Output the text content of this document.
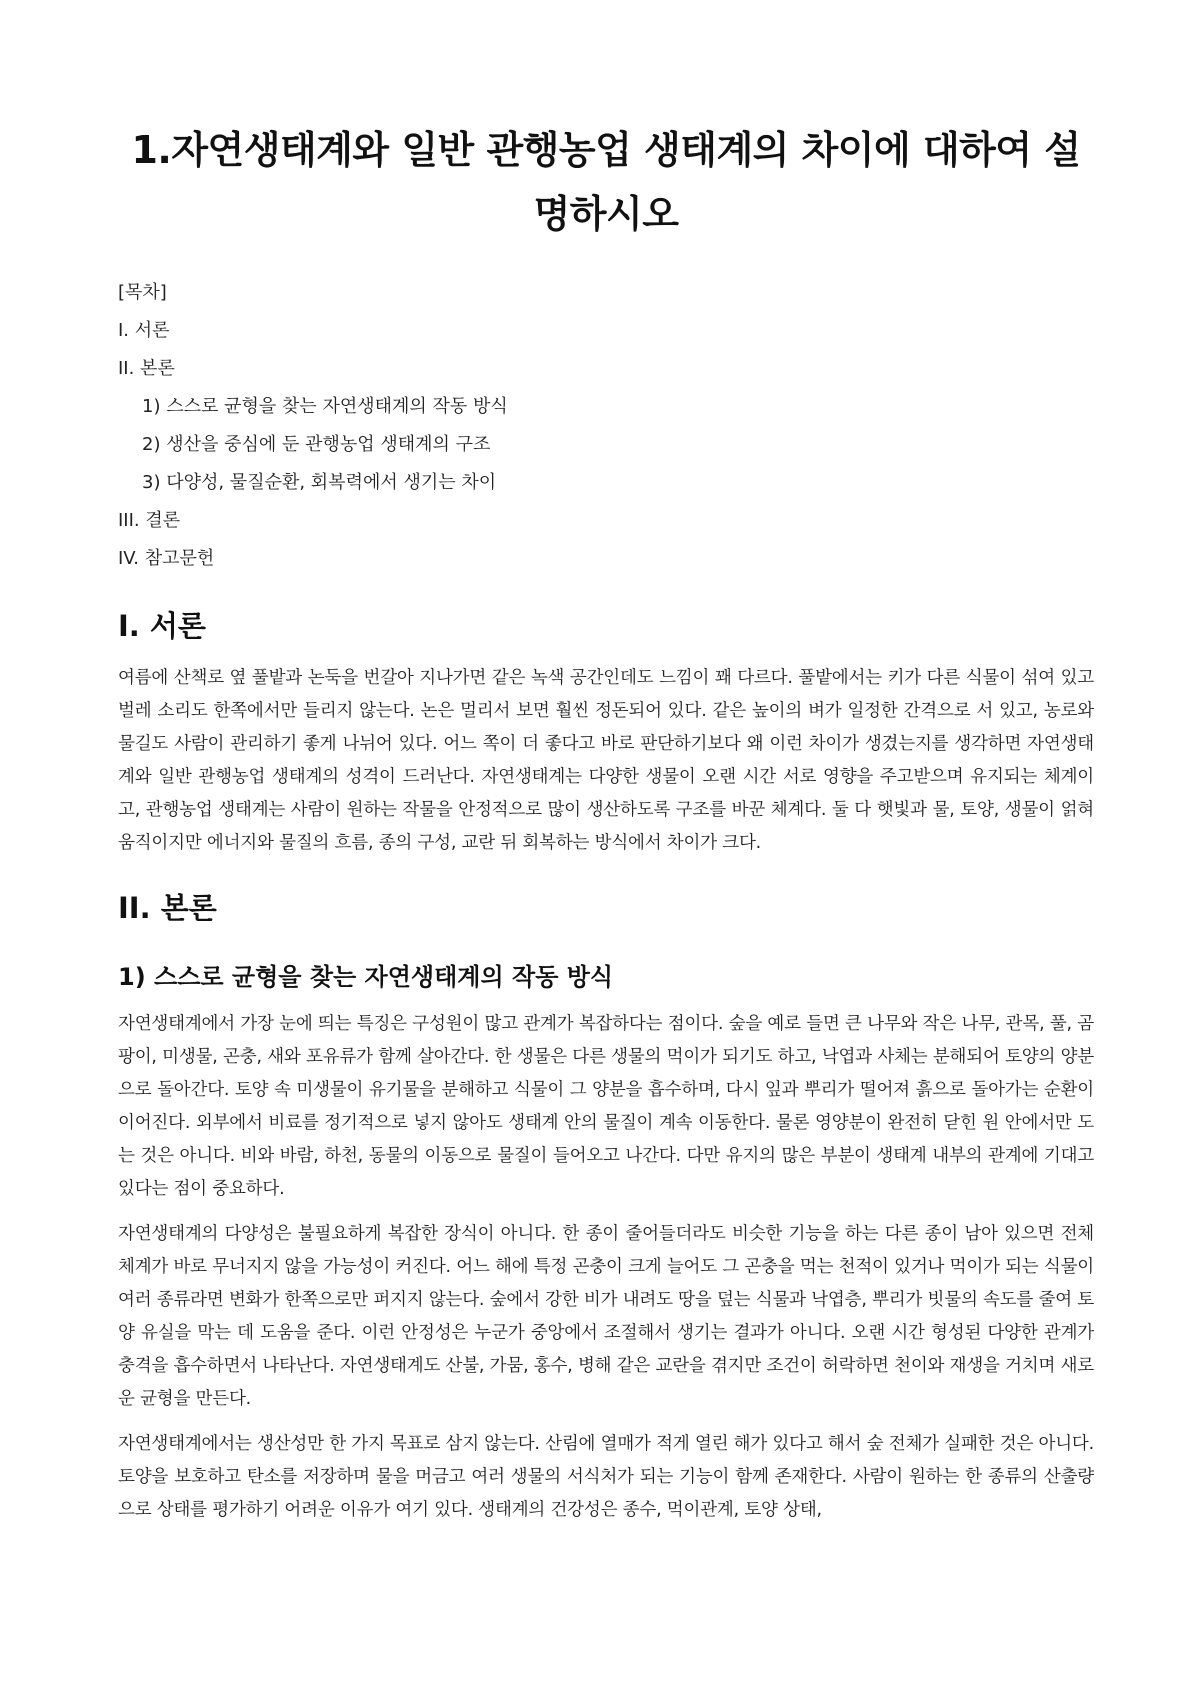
1.자연생태계와 일반 관행농업 생태계의 차이에 대하여 설명하시오
[목차]
I. 서론
II. 본론
1) 스스로 균형을 찾는 자연생태계의 작동 방식
2) 생산을 중심에 둔 관행농업 생태계의 구조
3) 다양성, 물질순환, 회복력에서 생기는 차이
III. 결론
IV. 참고문헌
I. 서론

여름에 산책로 옆 풀밭과 논둑을 번갈아 지나가면 같은 녹색 공간인데도 느낌이 꽤 다르다. 풀밭에서는 키가 다른 식물이 섞여 있고 벌레 소리도 한쪽에서만 들리지 않는다. 논은 멀리서 보면 훨씬 정돈되어 있다. 같은 높이의 벼가 일정한 간격으로 서 있고, 농로와 물길도 사람이 관리하기 좋게 나뉘어 있다. 어느 쪽이 더 좋다고 바로 판단하기보다 왜 이런 차이가 생겼는지를 생각하면 자연생태계와 일반 관행농업 생태계의 성격이 드러난다. 자연생태계는 다양한 생물이 오랜 시간 서로 영향을 주고받으며 유지되는 체계이고, 관행농업 생태계는 사람이 원하는 작물을 안정적으로 많이 생산하도록 구조를 바꾼 체계다. 둘 다 햇빛과 물, 토양, 생물이 얽혀 움직이지만 에너지와 물질의 흐름, 종의 구성, 교란 뒤 회복하는 방식에서 차이가 크다.

II. 본론
1) 스스로 균형을 찾는 자연생태계의 작동 방식

자연생태계에서 가장 눈에 띄는 특징은 구성원이 많고 관계가 복잡하다는 점이다. 숲을 예로 들면 큰 나무와 작은 나무, 관목, 풀, 곰팡이, 미생물, 곤충, 새와 포유류가 함께 살아간다. 한 생물은 다른 생물의 먹이가 되기도 하고, 낙엽과 사체는 분해되어 토양의 양분으로 돌아간다. 토양 속 미생물이 유기물을 분해하고 식물이 그 양분을 흡수하며, 다시 잎과 뿌리가 떨어져 흙으로 돌아가는 순환이 이어진다. 외부에서 비료를 정기적으로 넣지 않아도 생태계 안의 물질이 계속 이동한다. 물론 영양분이 완전히 닫힌 원 안에서만 도는 것은 아니다. 비와 바람, 하천, 동물의 이동으로 물질이 들어오고 나간다. 다만 유지의 많은 부분이 생태계 내부의 관계에 기대고 있다는 점이 중요하다.

자연생태계의 다양성은 불필요하게 복잡한 장식이 아니다. 한 종이 줄어들더라도 비슷한 기능을 하는 다른 종이 남아 있으면 전체 체계가 바로 무너지지 않을 가능성이 커진다. 어느 해에 특정 곤충이 크게 늘어도 그 곤충을 먹는 천적이 있거나 먹이가 되는 식물이 여러 종류라면 변화가 한쪽으로만 퍼지지 않는다. 숲에서 강한 비가 내려도 땅을 덮는 식물과 낙엽층, 뿌리가 빗물의 속도를 줄여 토양 유실을 막는 데 도움을 준다. 이런 안정성은 누군가 중앙에서 조절해서 생기는 결과가 아니다. 오랜 시간 형성된 다양한 관계가 충격을 흡수하면서 나타난다. 자연생태계도 산불, 가뭄, 홍수, 병해 같은 교란을 겪지만 조건이 허락하면 천이와 재생을 거치며 새로운 균형을 만든다.

자연생태계에서는 생산성만 한 가지 목표로 삼지 않는다. 산림에 열매가 적게 열린 해가 있다고 해서 숲 전체가 실패한 것은 아니다. 토양을 보호하고 탄소를 저장하며 물을 머금고 여러 생물의 서식처가 되는 기능이 함께 존재한다. 사람이 원하는 한 종류의 산출량으로 상태를 평가하기 어려운 이유가 여기 있다. 생태계의 건강성은 종수, 먹이관계, 토양 상태,
